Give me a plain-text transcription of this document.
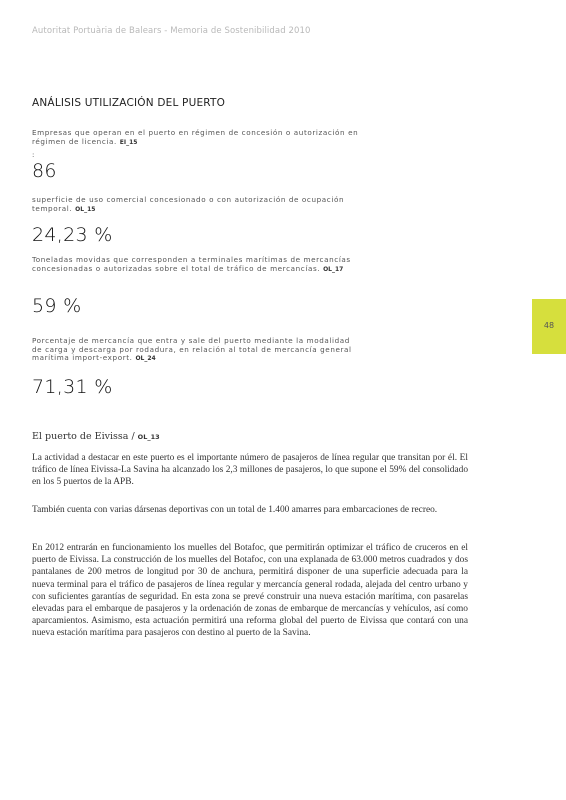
Autoritat Portuària de Balears - Memoria de Sostenibilidad 2010
ANÁLISIS UTILIZACIÓN DEL PUERTO
Empresas que operan en el puerto en régimen de concesión o autorización en régimen de licencia. EI_15
:
86
superficie de uso comercial concesionado o con autorización de ocupación temporal. OL_15
24,23 %
Toneladas movidas que corresponden a terminales marítimas de mercancías concesionadas o autorizadas sobre el total de tráfico de mercancías. OL_17
59 %
Porcentaje de mercancía que entra y sale del puerto mediante la modalidad de carga y descarga por rodadura, en relación al total de mercancía general marítima import-export. OL_24
71,31 %
El puerto de Eivissa / OL_13

La actividad a destacar en este puerto es el importante número de pasajeros de línea regular que transitan por él. El tráfico de línea Eivissa-La Savina ha alcanzado los 2,3 millones de pasajeros, lo que supone el 59% del consolidado en los 5 puertos de la APB.

También cuenta con varias dársenas deportivas con un total de 1.400 amarres para embarcaciones de recreo.

En 2012 entrarán en funcionamiento los muelles del Botafoc, que permitirán optimizar el tráfico de cruceros en el puerto de Eivissa. La construcción de los muelles del Botafoc, con una explanada de 63.000 metros cuadrados y dos pantalanes de 200 metros de longitud por 30 de anchura, permitirá disponer de una superficie adecuada para la nueva terminal para el tráfico de pasajeros de línea regular y mercancía general rodada, alejada del centro urbano y con suficientes garantías de seguridad. En esta zona se prevé construir una nueva estación marítima, con pasarelas elevadas para el embarque de pasajeros y la ordenación de zonas de embarque de mercancías y vehículos, así como aparcamientos. Asimismo, esta actuación permitirá una reforma global del puerto de Eivissa que contará con una nueva estación marítima para pasajeros con destino al puerto de la Savina.

48
